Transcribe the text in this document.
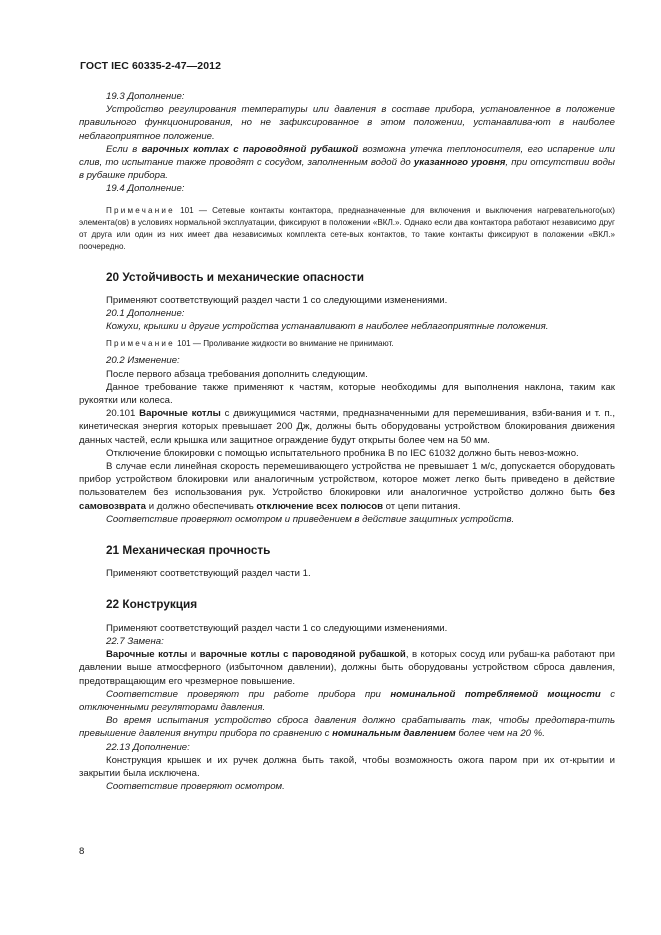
ГОСТ IEC 60335-2-47—2012

19.3 Дополнение:

Устройство регулирования температуры или давления в составе прибора, установленное в положение правильного функционирования, но не зафиксированное в этом положении, устанавлива-ют в наиболее неблагоприятное положение.

Если в варочных котлах с пароводяной рубашкой возможна утечка теплоносителя, его испарение или слив, то испытание также проводят с сосудом, заполненным водой до указанного уровня, при отсутствии воды в рубашке прибора.

19.4 Дополнение:

Примечание 101 — Сетевые контакты контактора, предназначенные для включения и выключения нагревательного(ых) элемента(ов) в условиях нормальной эксплуатации, фиксируют в положении «ВКЛ.». Однако если два контактора работают независимо друг от друга или один из них имеет два независимых комплекта сете-вых контактов, то такие контакты фиксируют в положении «ВКЛ.» поочередно.

20 Устойчивость и механические опасности

Применяют соответствующий раздел части 1 со следующими изменениями.

20.1 Дополнение:

Кожухи, крышки и другие устройства устанавливают в наиболее неблагоприятные положения.

Примечание 101 — Проливание жидкости во внимание не принимают.

20.2 Изменение:

После первого абзаца требования дополнить следующим.

Данное требование также применяют к частям, которые необходимы для выполнения наклона, таким как рукоятки или колеса.

20.101 Варочные котлы с движущимися частями, предназначенными для перемешивания, взби-вания и т. п., кинетическая энергия которых превышает 200 Дж, должны быть оборудованы устройством блокирования движения данных частей, если крышка или защитное ограждение будут открыты более чем на 50 мм.

Отключение блокировки с помощью испытательного пробника В по IEC 61032 должно быть невоз-можно.

В случае если линейная скорость перемешивающего устройства не превышает 1 м/с, допускается оборудовать прибор устройством блокировки или аналогичным устройством, которое может легко быть приведено в действие пользователем без использования рук. Устройство блокировки или аналогичное устройство должно быть без самовозврата и должно обеспечивать отключение всех полюсов от цепи питания.

Соответствие проверяют осмотром и приведением в действие защитных устройств.

21 Механическая прочность

Применяют соответствующий раздел части 1.

22 Конструкция

Применяют соответствующий раздел части 1 со следующими изменениями.

22.7 Замена:

Варочные котлы и варочные котлы с пароводяной рубашкой, в которых сосуд или рубаш-ка работают при давлении выше атмосферного (избыточном давлении), должны быть оборудованы устройством сброса давления, предотвращающим его чрезмерное повышение.

Соответствие проверяют при работе прибора при номинальной потребляемой мощности с отключенными регуляторами давления.

Во время испытания устройство сброса давления должно срабатывать так, чтобы предотвра-тить превышение давления внутри прибора по сравнению с номинальным давлением более чем на 20 %.

22.13 Дополнение:

Конструкция крышек и их ручек должна быть такой, чтобы возможность ожога паром при их от-крытии и закрытии была исключена.

Соответствие проверяют осмотром.

8
